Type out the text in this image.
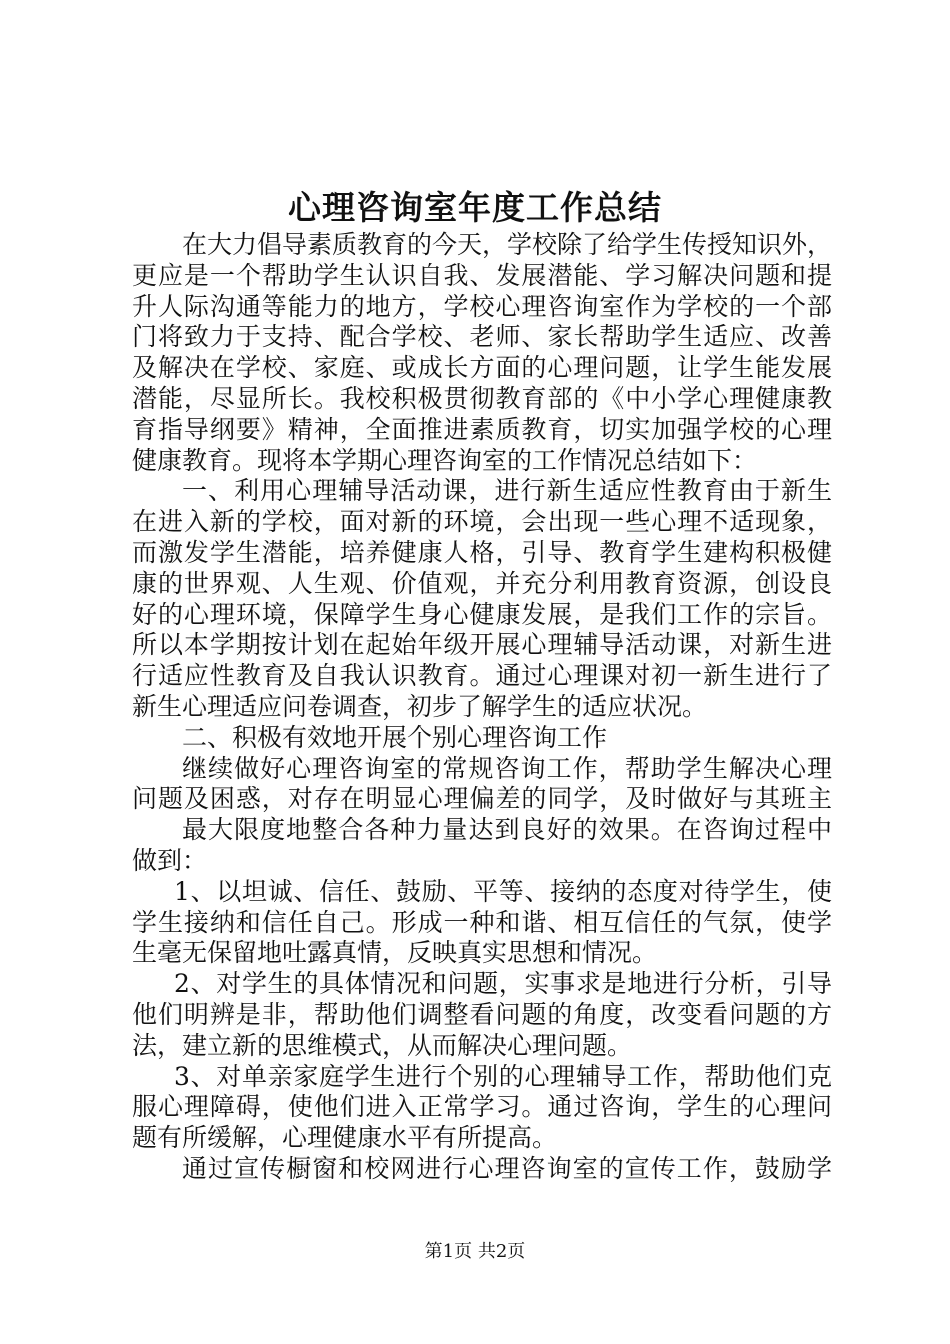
心理咨询室年度工作总结
在大力倡导素质教育的今天，学校除了给学生传授知识外，
更应是一个帮助学生认识自我、发展潜能、学习解决问题和提
升人际沟通等能力的地方，学校心理咨询室作为学校的一个部
门将致力于支持、配合学校、老师、家长帮助学生适应、改善
及解决在学校、家庭、或成长方面的心理问题，让学生能发展
潜能，尽显所长。我校积极贯彻教育部的《中小学心理健康教
育指导纲要》精神，全面推进素质教育，切实加强学校的心理
健康教育。现将本学期心理咨询室的工作情况总结如下：
一、利用心理辅导活动课，进行新生适应性教育由于新生
在进入新的学校，面对新的环境，会出现一些心理不适现象，
而激发学生潜能，培养健康人格，引导、教育学生建构积极健
康的世界观、人生观、价值观，并充分利用教育资源，创设良
好的心理环境，保障学生身心健康发展，是我们工作的宗旨。
所以本学期按计划在起始年级开展心理辅导活动课，对新生进
行适应性教育及自我认识教育。通过心理课对初一新生进行了
新生心理适应问卷调查，初步了解学生的适应状况。
二、积极有效地开展个别心理咨询工作
继续做好心理咨询室的常规咨询工作，帮助学生解决心理
问题及困惑，对存在明显心理偏差的同学，及时做好与其班主
最大限度地整合各种力量达到良好的效果。在咨询过程中
做到：
1、以坦诚、信任、鼓励、平等、接纳的态度对待学生，使
学生接纳和信任自己。形成一种和谐、相互信任的气氛，使学
生毫无保留地吐露真情，反映真实思想和情况。
2、对学生的具体情况和问题，实事求是地进行分析，引导
他们明辨是非，帮助他们调整看问题的角度，改变看问题的方
法，建立新的思维模式，从而解决心理问题。
3、对单亲家庭学生进行个别的心理辅导工作，帮助他们克
服心理障碍，使他们进入正常学习。通过咨询，学生的心理问
题有所缓解，心理健康水平有所提高。
通过宣传橱窗和校网进行心理咨询室的宣传工作，鼓励学
第1页 共2页
